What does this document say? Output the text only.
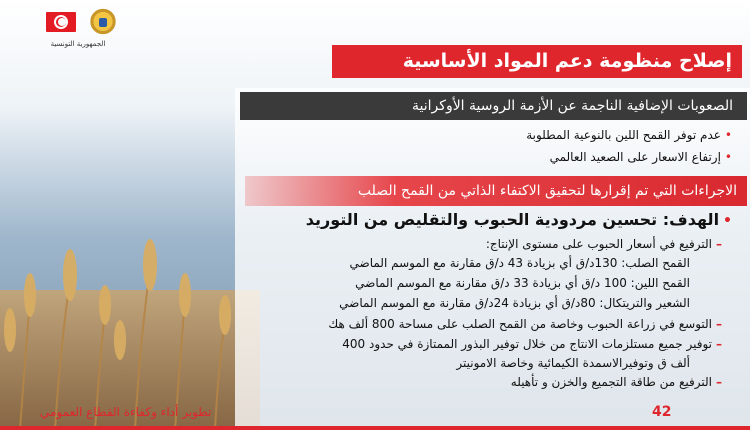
الجمهورية التونسية
إصلاح منظومة دعم المواد الأساسية
الصعوبات الإضافية الناجمة عن الأزمة الروسية الأوكرانية
•عدم توفر القمح اللين بالنوعية المطلوبة
•إرتفاع الاسعار على الصعيد العالمي
الاجراءات التي تم إقرارها لتحقيق الاكتفاء الذاتي من القمح الصلب
•الهدف: تحسين مردودية الحبوب والتقليص من التوريد
–الترفيع في أسعار الحبوب على مستوى الإنتاج:
القمح الصلب: 130د/ق أي بزيادة 43 د/ق مقارنة مع الموسم الماضي
القمح اللين: 100 د/ق أي بزيادة 33 د/ق مقارنة مع الموسم الماضي
الشعير والتريتكال: 80د/ق أي بزيادة 24د/ق مقارنة مع الموسم الماضي
–التوسع في زراعة الحبوب وخاصة من القمح الصلب على مساحة 800 ألف هك
–توفير جميع مستلزمات الانتاج من خلال توفير البذور الممتازة في حدود 400
ألف ق وتوفيرالاسمدة الكيمائية وخاصة الامونيتر
–الترفيع من طاقة التجميع والخزن و تأهيله
تطوير أداء وكفاءة القطاع العمومي	42
